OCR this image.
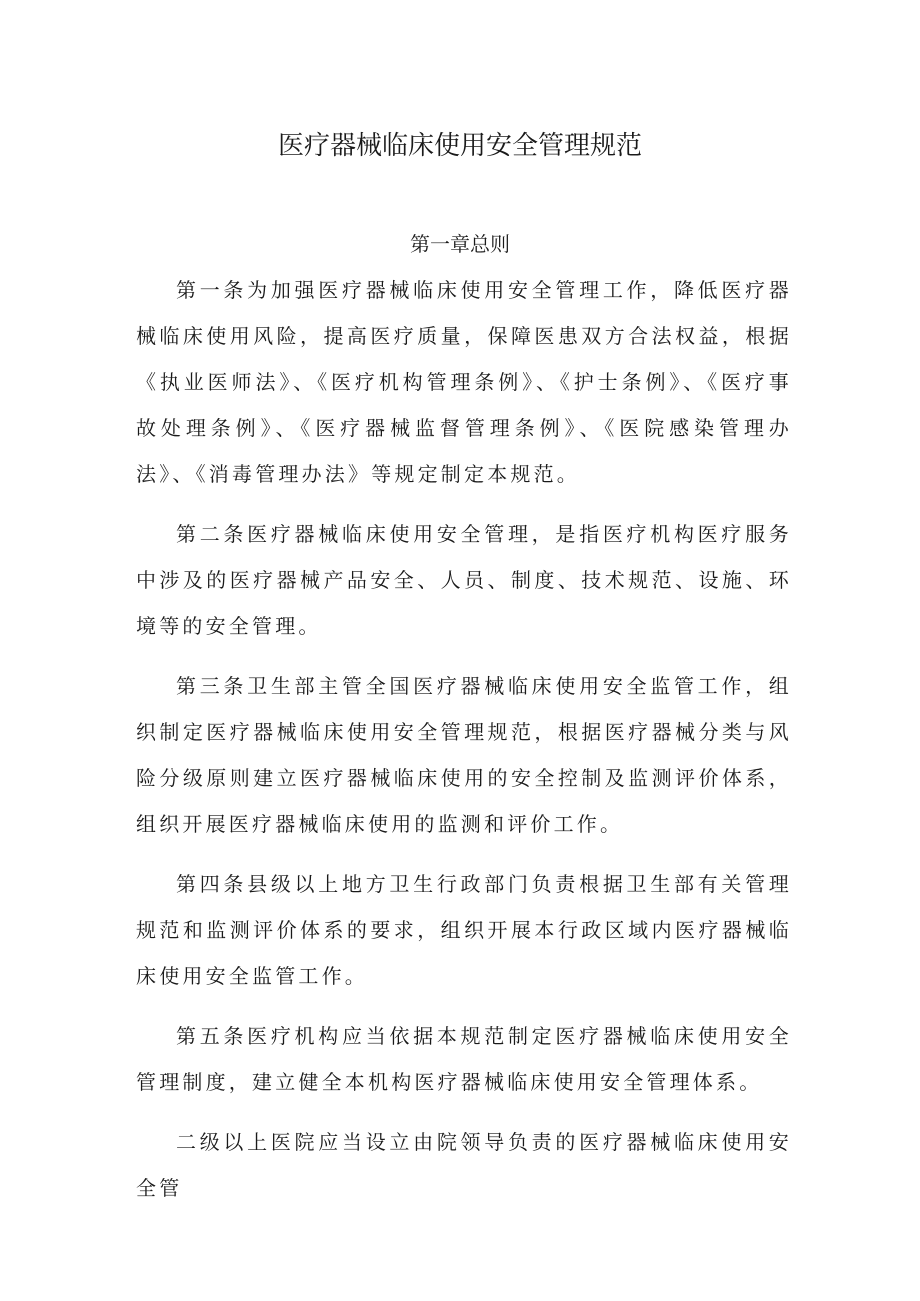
医疗器械临床使用安全管理规范
第一章总则

第一条为加强医疗器械临床使用安全管理工作，降低医疗器械临床使用风险，提高医疗质量，保障医患双方合法权益，根据《执业医师法》、《医疗机构管理条例》、《护士条例》、《医疗事故处理条例》、《医疗器械监督管理条例》、《医院感染管理办法》、《消毒管理办法》等规定制定本规范。

第二条医疗器械临床使用安全管理，是指医疗机构医疗服务中涉及的医疗器械产品安全、人员、制度、技术规范、设施、环境等的安全管理。

第三条卫生部主管全国医疗器械临床使用安全监管工作，组织制定医疗器械临床使用安全管理规范，根据医疗器械分类与风险分级原则建立医疗器械临床使用的安全控制及监测评价体系，组织开展医疗器械临床使用的监测和评价工作。

第四条县级以上地方卫生行政部门负责根据卫生部有关管理规范和监测评价体系的要求，组织开展本行政区域内医疗器械临床使用安全监管工作。

第五条医疗机构应当依据本规范制定医疗器械临床使用安全管理制度，建立健全本机构医疗器械临床使用安全管理体系。

二级以上医院应当设立由院领导负责的医疗器械临床使用安全管
